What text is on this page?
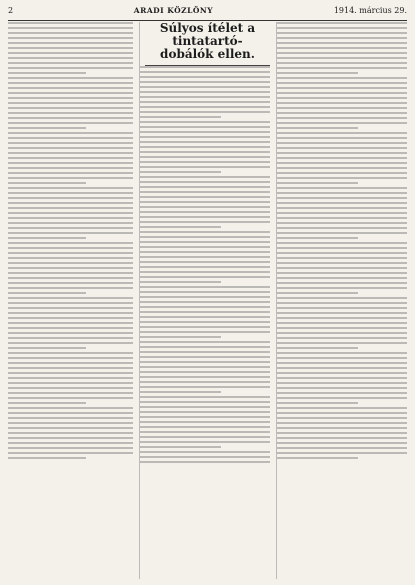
2	ARADI KÖZLÖNY	1914. március 29.
Súlyos ítélet a tintatartó-dobálók ellen.
